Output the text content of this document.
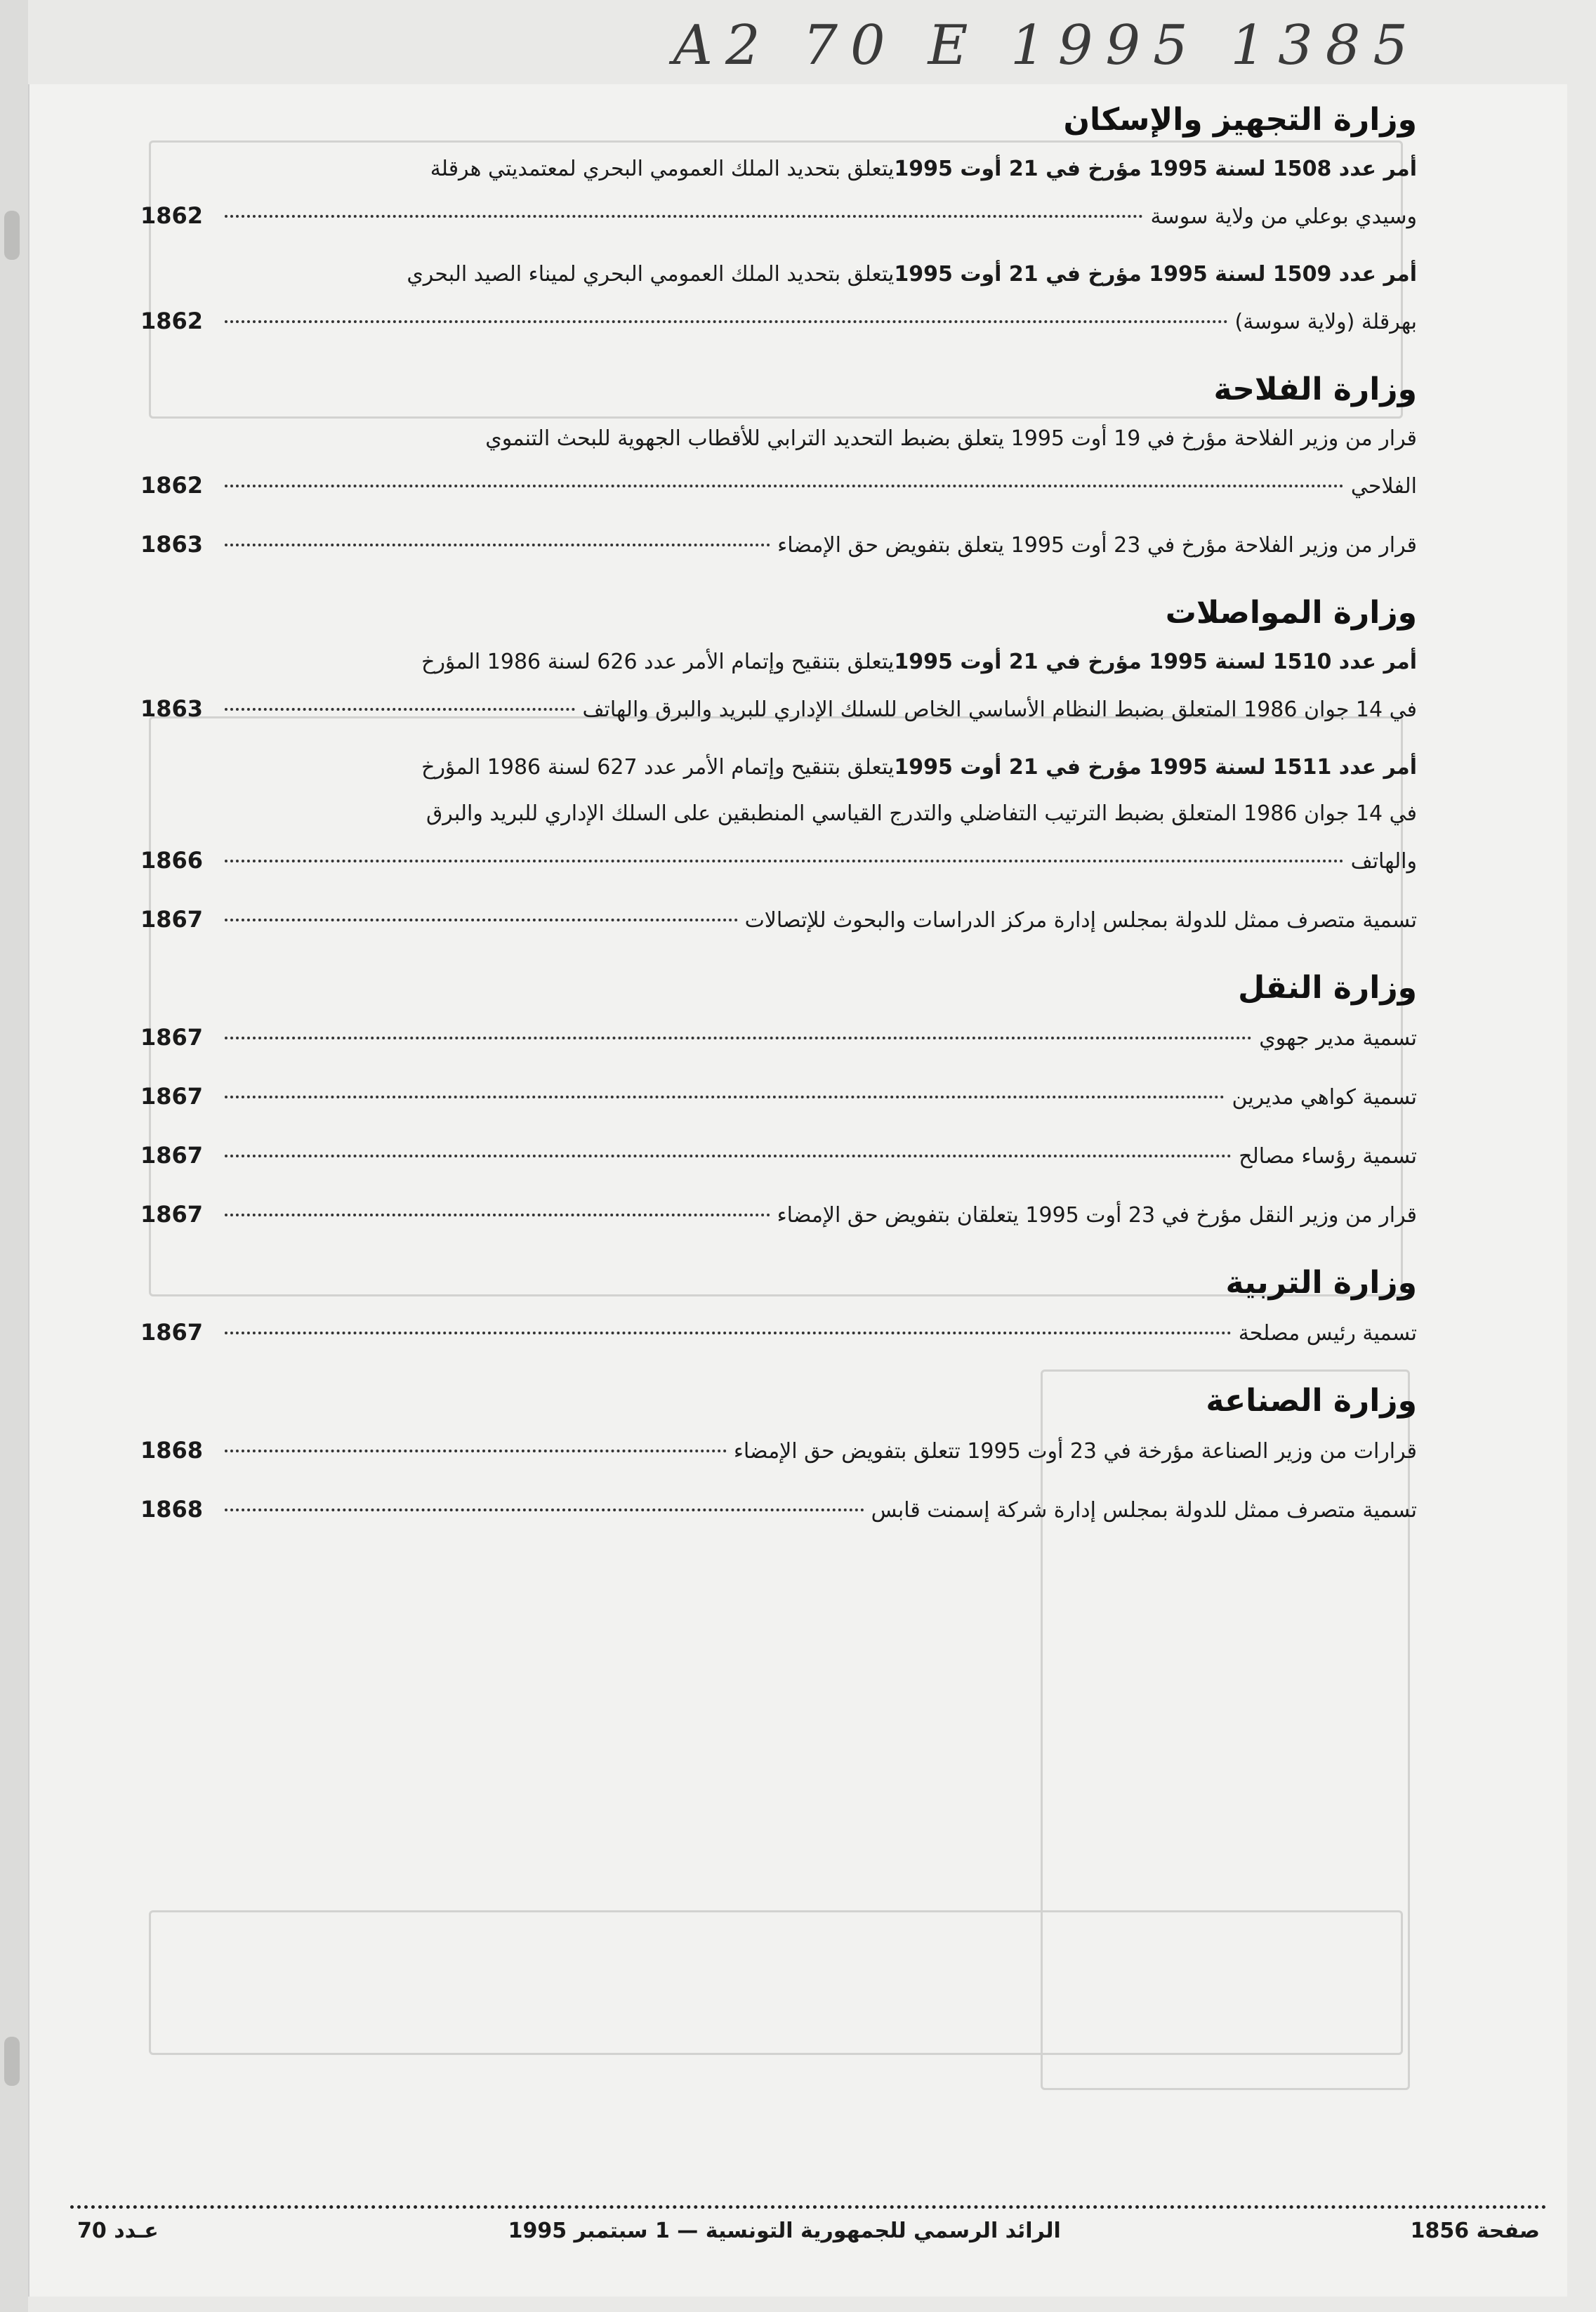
A2 70 E 1995 1385
وزارة التجهيز والإسكان
أمر عدد 1508 لسنة 1995 مؤرخ في 21 أوت 1995
يتعلق بتحديد الملك العمومي البحري لمعتمديتي هرقلة
وسيدي بوعلي من ولاية سوسة
1862
أمر عدد 1509 لسنة 1995 مؤرخ في 21 أوت 1995
يتعلق بتحديد الملك العمومي البحري لميناء الصيد البحري
بهرقلة (ولاية سوسة)
1862
وزارة الفلاحة
قرار من وزير الفلاحة مؤرخ في 19 أوت 1995 يتعلق بضبط التحديد الترابي للأقطاب الجهوية للبحث التنموي
الفلاحي
1862
قرار من وزير الفلاحة مؤرخ في 23 أوت 1995 يتعلق بتفويض حق الإمضاء
1863
وزارة المواصلات
أمر عدد 1510 لسنة 1995 مؤرخ في 21 أوت 1995
يتعلق بتنقيح وإتمام الأمر عدد 626 لسنة 1986 المؤرخ
في 14 جوان 1986 المتعلق بضبط النظام الأساسي الخاص للسلك الإداري للبريد والبرق والهاتف
1863
أمر عدد 1511 لسنة 1995 مؤرخ في 21 أوت 1995
يتعلق بتنقيح وإتمام الأمر عدد 627 لسنة 1986 المؤرخ
في 14 جوان 1986 المتعلق بضبط الترتيب التفاضلي والتدرج القياسي المنطبقين على السلك الإداري للبريد والبرق
والهاتف
1866
تسمية متصرف ممثل للدولة بمجلس إدارة مركز الدراسات والبحوث للإتصالات
1867
وزارة النقل
تسمية مدير جهوي
1867
تسمية كواهي مديرين
1867
تسمية رؤساء مصالح
1867
قرار من وزير النقل مؤرخ في 23 أوت 1995 يتعلقان بتفويض حق الإمضاء
1867
وزارة التربية
تسمية رئيس مصلحة
1867
وزارة الصناعة
قرارات من وزير الصناعة مؤرخة في 23 أوت 1995 تتعلق بتفويض حق الإمضاء
1868
تسمية متصرف ممثل للدولة بمجلس إدارة شركة إسمنت قابس
1868
صفحة 1856
الرائد الرسمي للجمهورية التونسية — 1 سبتمبر 1995
عـدد 70
